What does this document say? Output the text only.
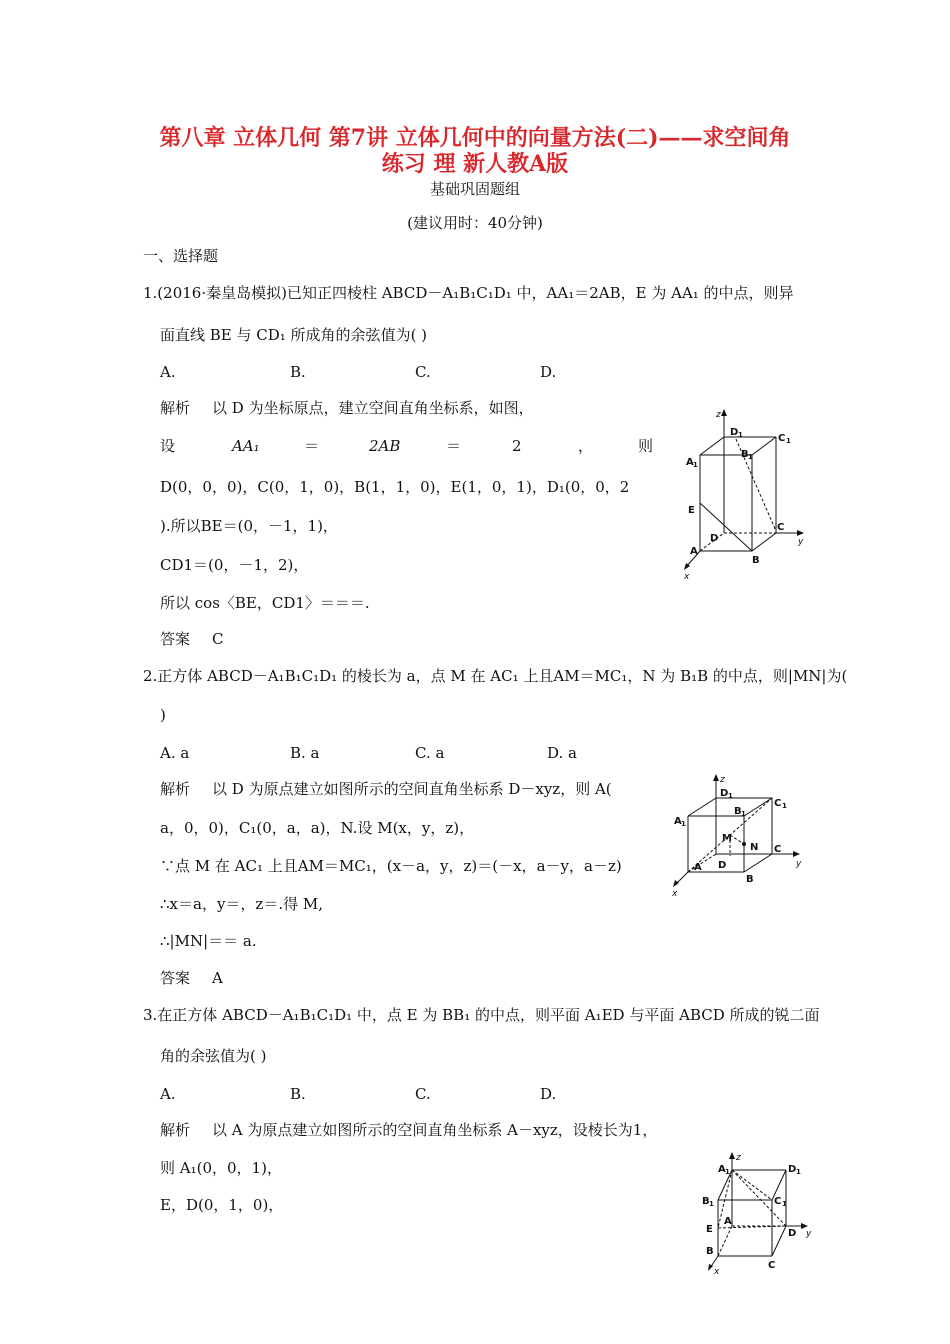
第八章 立体几何 第7讲 立体几何中的向量方法(二)——求空间角
练习 理 新人教A版
基础巩固题组
(建议用时：40分钟)
一、选择题
1.(2016·秦皇岛模拟)已知正四棱柱 ABCD－A₁B₁C₁D₁ 中，AA₁＝2AB，E 为 AA₁ 的中点，则异
面直线 BE 与 CD₁ 所成角的余弦值为( )
A.	B.	C.	D.
解析 以 D 为坐标原点，建立空间直角坐标系，如图，
设	AA₁	＝	2AB	＝	2	，	则
D(0，0，0)，C(0，1，0)，B(1，1，0)，E(1，0，1)，D₁(0，0，2
).所以BE＝(0，－1，1)，
CD1＝(0，－1，2)，
所以 cos〈BE，CD1〉＝＝＝.
答案 C
z
D 1	C 1
A 1
B 1
E
D
C
y
A
B
x
2.正方体 ABCD－A₁B₁C₁D₁ 的棱长为 a，点 M 在 AC₁ 上且AM＝MC₁，N 为 B₁B 的中点，则|MN|为(
)
A. a	B. a	C. a	D. a
解析 以 D 为原点建立如图所示的空间直角坐标系 D－xyz，则 A(
a，0，0)，C₁(0，a，a)，N.设 M(x，y，z)，
∵点 M 在 AC₁ 上且AM＝MC₁，(x－a，y，z)＝(－x，a－y，a－z)
∴x＝a，y＝，z＝.得 M,
∴|MN|＝＝ a.
答案 A
z
D 1
C 1
A 1
B 1
M
N
D
C
y
A
B
x
3.在正方体 ABCD－A₁B₁C₁D₁ 中，点 E 为 BB₁ 的中点，则平面 A₁ED 与平面 ABCD 所成的锐二面
角的余弦值为( )
A.	B.	C.	D.
解析 以 A 为原点建立如图所示的空间直角坐标系 A－xyz，设棱长为1，
则 A₁(0，0，1)，
E，D(0，1，0)，
z
A 1	D 1
B 1	C 1
E
A
D y
B
C
x
